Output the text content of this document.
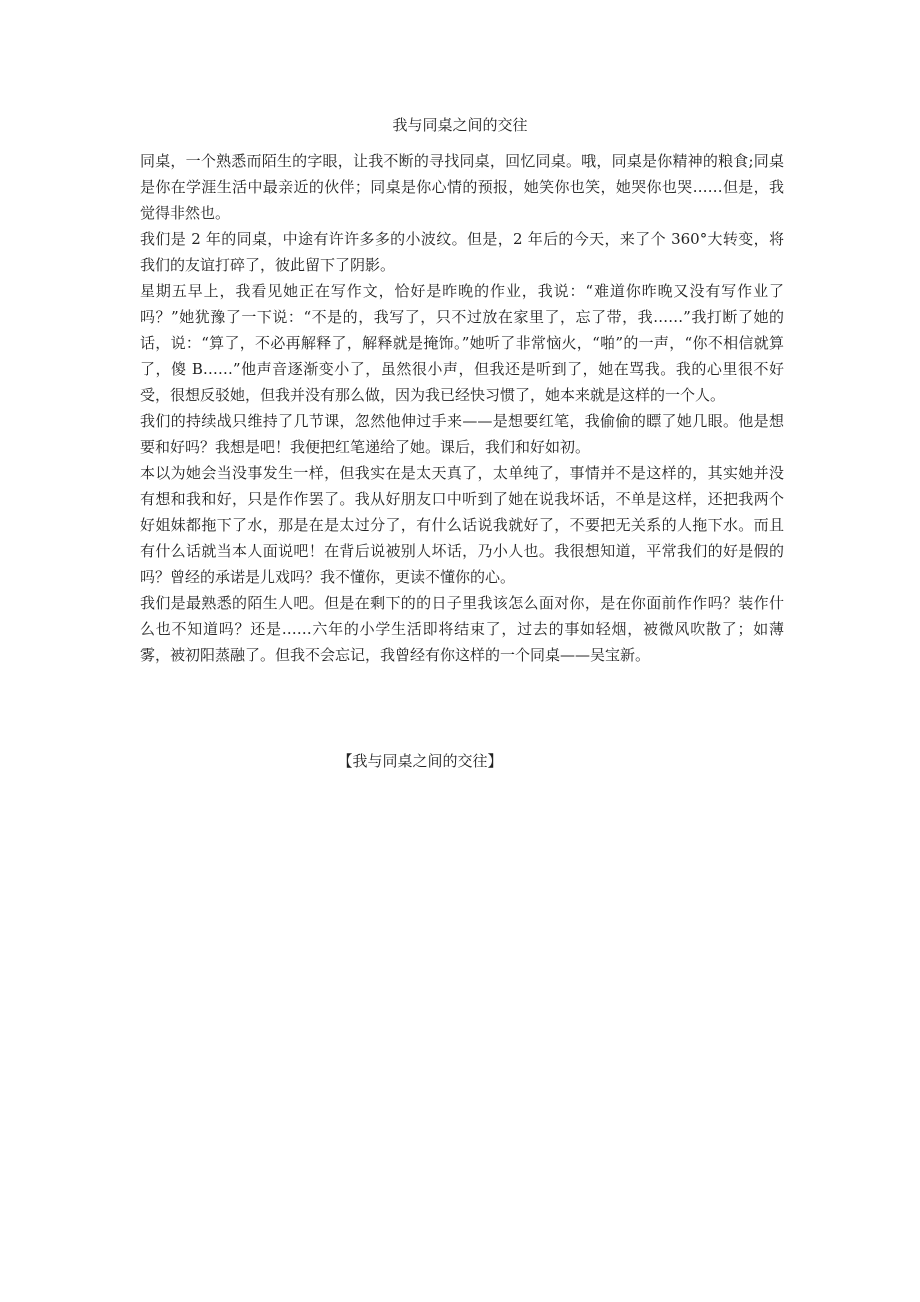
我与同桌之间的交往

同桌，一个熟悉而陌生的字眼，让我不断的寻找同桌，回忆同桌。哦，同桌是你精神的粮食;同桌是你在学涯生活中最亲近的伙伴；同桌是你心情的预报，她笑你也笑，她哭你也哭……但是，我觉得非然也。

我们是 2 年的同桌，中途有许许多多的小波纹。但是，2 年后的今天，来了个 360°大转变，将我们的友谊打碎了，彼此留下了阴影。

星期五早上，我看见她正在写作文，恰好是昨晚的作业，我说：“难道你昨晚又没有写作业了吗？”她犹豫了一下说：“不是的，我写了，只不过放在家里了，忘了带，我……”我打断了她的话，说：“算了，不必再解释了，解释就是掩饰。”她听了非常恼火，“啪”的一声，“你不相信就算了，傻 B……”他声音逐渐变小了，虽然很小声，但我还是听到了，她在骂我。我的心里很不好受，很想反驳她，但我并没有那么做，因为我已经快习惯了，她本来就是这样的一个人。

我们的持续战只维持了几节课，忽然他伸过手来——是想要红笔，我偷偷的瞟了她几眼。他是想要和好吗？我想是吧！我便把红笔递给了她。课后，我们和好如初。

本以为她会当没事发生一样，但我实在是太天真了，太单纯了，事情并不是这样的，其实她并没有想和我和好，只是作作罢了。我从好朋友口中听到了她在说我坏话，不单是这样，还把我两个好姐妹都拖下了水，那是在是太过分了，有什么话说我就好了，不要把无关系的人拖下水。而且有什么话就当本人面说吧！在背后说被别人坏话，乃小人也。我很想知道，平常我们的好是假的吗？曾经的承诺是儿戏吗？我不懂你，更读不懂你的心。

我们是最熟悉的陌生人吧。但是在剩下的的日子里我该怎么面对你，是在你面前作作吗？装作什么也不知道吗？还是……六年的小学生活即将结束了，过去的事如轻烟，被微风吹散了；如薄雾，被初阳蒸融了。但我不会忘记，我曾经有你这样的一个同桌——吴宝新。

【我与同桌之间的交往】
